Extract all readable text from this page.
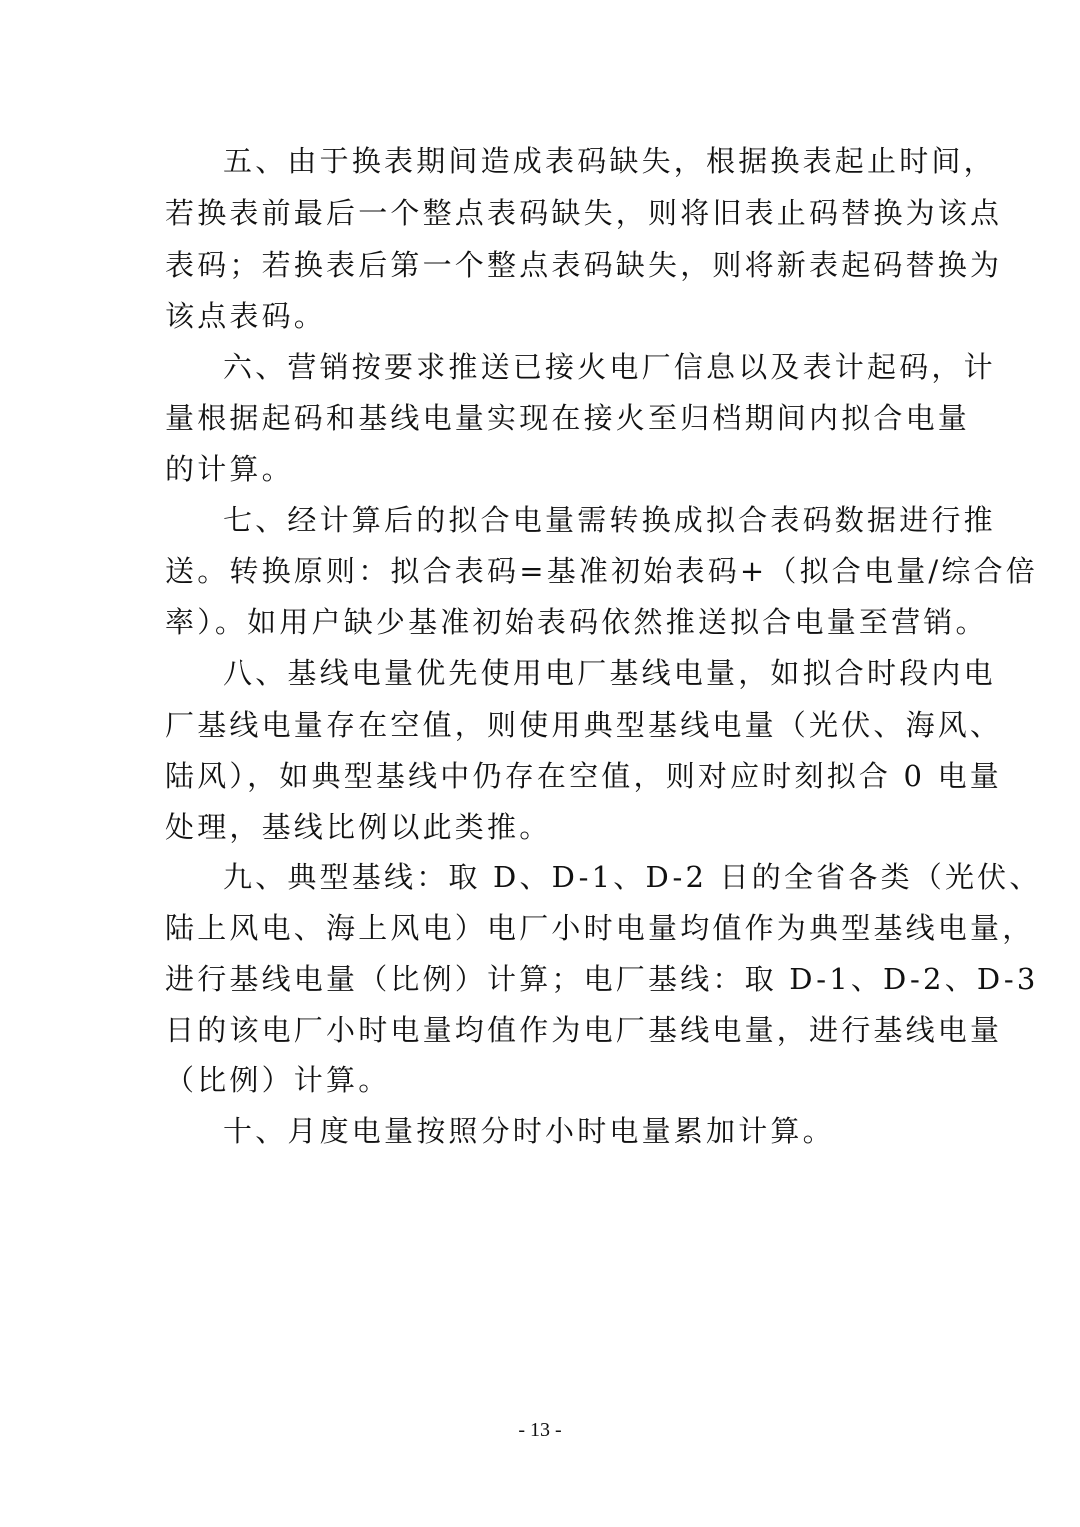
五、由于换表期间造成表码缺失，根据换表起止时间，
若换表前最后一个整点表码缺失，则将旧表止码替换为该点
表码；若换表后第一个整点表码缺失，则将新表起码替换为
该点表码。
六、营销按要求推送已接火电厂信息以及表计起码，计
量根据起码和基线电量实现在接火至归档期间内拟合电量
的计算。
七、经计算后的拟合电量需转换成拟合表码数据进行推
送。转换原则：拟合表码=基准初始表码+（拟合电量/综合倍
率）。如用户缺少基准初始表码依然推送拟合电量至营销。
八、基线电量优先使用电厂基线电量，如拟合时段内电
厂基线电量存在空值，则使用典型基线电量（光伏、海风、
陆风），如典型基线中仍存在空值，则对应时刻拟合 0 电量
处理，基线比例以此类推。
九、典型基线：取 D、D-1、D-2 日的全省各类（光伏、
陆上风电、海上风电）电厂小时电量均值作为典型基线电量，
进行基线电量（比例）计算；电厂基线：取 D-1、D-2、D-3
日的该电厂小时电量均值作为电厂基线电量，进行基线电量
（比例）计算。
十、月度电量按照分时小时电量累加计算。
- 13 -
